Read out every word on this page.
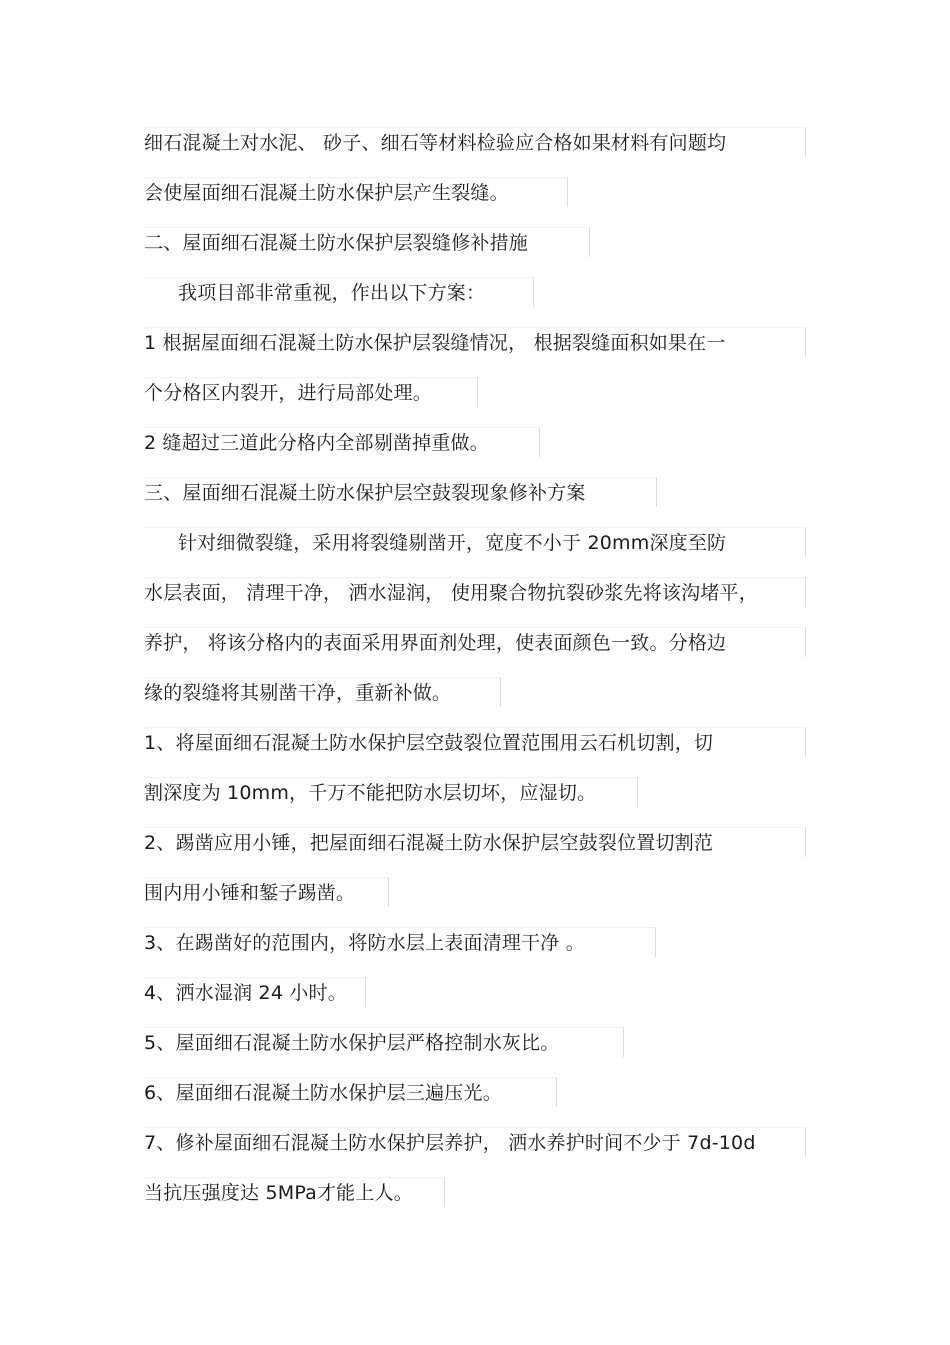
细石混凝土对水泥、 砂子、细石等材料检验应合格如果材料有问题均
会使屋面细石混凝土防水保护层产生裂缝。
二、屋面细石混凝土防水保护层裂缝修补措施
我项目部非常重视，作出以下方案：
1 根据屋面细石混凝土防水保护层裂缝情况， 根据裂缝面积如果在一
个分格区内裂开，进行局部处理。
2 缝超过三道此分格内全部剔凿掉重做。
三、屋面细石混凝土防水保护层空鼓裂现象修补方案
针对细微裂缝，采用将裂缝剔凿开，宽度不小于 20mm深度至防
水层表面， 清理干净， 洒水湿润， 使用聚合物抗裂砂浆先将该沟堵平，
养护， 将该分格内的表面采用界面剂处理，使表面颜色一致。分格边
缘的裂缝将其剔凿干净，重新补做。
1、将屋面细石混凝土防水保护层空鼓裂位置范围用云石机切割，切
割深度为 10mm，千万不能把防水层切坏，应湿切。
2、踢凿应用小锤，把屋面细石混凝土防水保护层空鼓裂位置切割范
围内用小锤和錾子踢凿。
3、在踢凿好的范围内，将防水层上表面清理干净 。
4、洒水湿润 24 小时。
5、屋面细石混凝土防水保护层严格控制水灰比。
6、屋面细石混凝土防水保护层三遍压光。
7、修补屋面细石混凝土防水保护层养护， 洒水养护时间不少于 7d-10d
当抗压强度达 5MPa才能上人。
